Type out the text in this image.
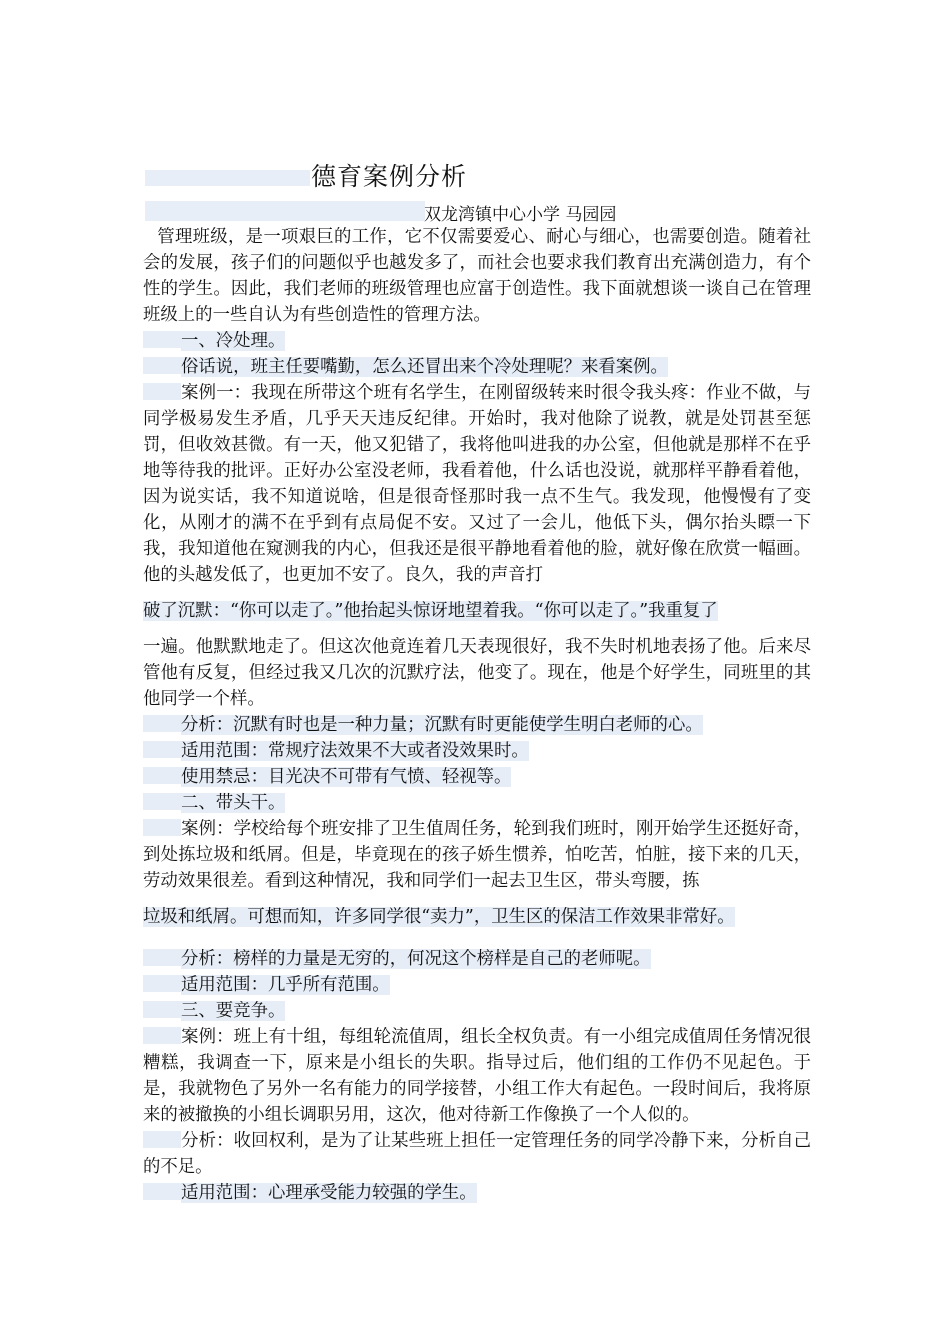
德育案例分析
双龙湾镇中心小学 马园园

管理班级，是一项艰巨的工作，它不仅需要爱心、耐心与细心，也需要创造。随着社会的发展，孩子们的问题似乎也越发多了，而社会也要求我们教育出充满创造力，有个性的学生。因此，我们老师的班级管理也应富于创造性。我下面就想谈一谈自己在管理班级上的一些自认为有些创造性的管理方法。

一、冷处理。

俗话说，班主任要嘴勤，怎么还冒出来个冷处理呢？来看案例。

案例一：我现在所带这个班有名学生，在刚留级转来时很令我头疼：作业不做，与同学极易发生矛盾，几乎天天违反纪律。开始时，我对他除了说教，就是处罚甚至惩罚，但收效甚微。有一天，他又犯错了，我将他叫进我的办公室，但他就是那样不在乎地等待我的批评。正好办公室没老师，我看着他，什么话也没说，就那样平静看着他，因为说实话，我不知道说啥，但是很奇怪那时我一点不生气。我发现，他慢慢有了变化，从刚才的满不在乎到有点局促不安。又过了一会儿，他低下头，偶尔抬头瞟一下我，我知道他在窥测我的内心，但我还是很平静地看着他的脸，就好像在欣赏一幅画。他的头越发低了，也更加不安了。良久，我的声音打

破了沉默：“你可以走了。”他抬起头惊讶地望着我。“你可以走了。”我重复了

一遍。他默默地走了。但这次他竟连着几天表现很好，我不失时机地表扬了他。后来尽管他有反复，但经过我又几次的沉默疗法，他变了。现在，他是个好学生，同班里的其他同学一个样。

分析：沉默有时也是一种力量；沉默有时更能使学生明白老师的心。

适用范围：常规疗法效果不大或者没效果时。

使用禁忌：目光决不可带有气愤、轻视等。

二、带头干。

案例：学校给每个班安排了卫生值周任务，轮到我们班时，刚开始学生还挺好奇，到处拣垃圾和纸屑。但是，毕竟现在的孩子娇生惯养，怕吃苦，怕脏，接下来的几天，劳动效果很差。看到这种情况，我和同学们一起去卫生区，带头弯腰，拣

垃圾和纸屑。可想而知，许多同学很“卖力”，卫生区的保洁工作效果非常好。

分析：榜样的力量是无穷的，何况这个榜样是自己的老师呢。

适用范围：几乎所有范围。

三、要竞争。

案例：班上有十组，每组轮流值周，组长全权负责。有一小组完成值周任务情况很糟糕，我调查一下，原来是小组长的失职。指导过后，他们组的工作仍不见起色。于是，我就物色了另外一名有能力的同学接替，小组工作大有起色。一段时间后，我将原来的被撤换的小组长调职另用，这次，他对待新工作像换了一个人似的。

分析：收回权利，是为了让某些班上担任一定管理任务的同学冷静下来，分析自己的不足。

适用范围：心理承受能力较强的学生。
